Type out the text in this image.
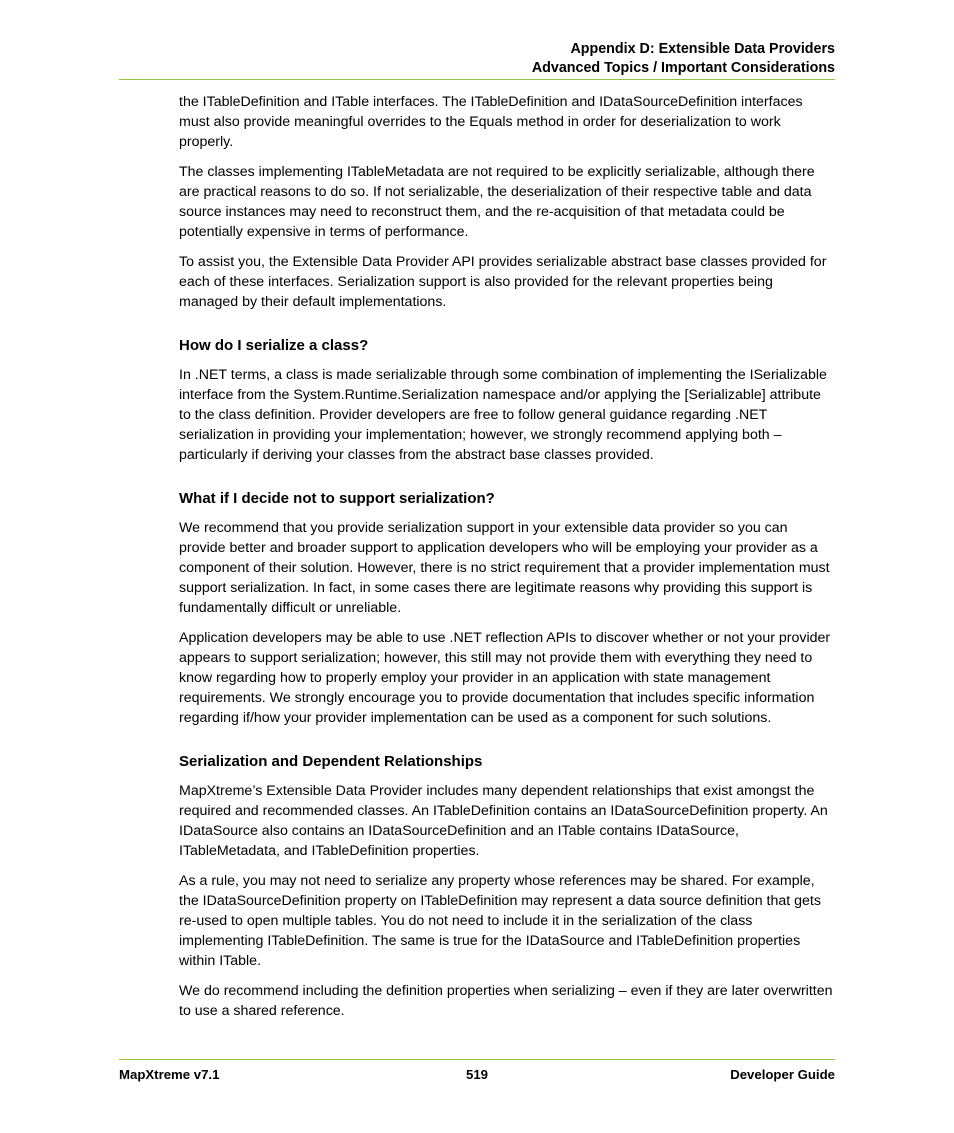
Appendix D: Extensible Data Providers
Advanced Topics / Important Considerations

the ITableDefinition and ITable interfaces. The ITableDefinition and IDataSourceDefinition interfaces must also provide meaningful overrides to the Equals method in order for deserialization to work properly.

The classes implementing ITableMetadata are not required to be explicitly serializable, although there are practical reasons to do so. If not serializable, the deserialization of their respective table and data source instances may need to reconstruct them, and the re-acquisition of that metadata could be potentially expensive in terms of performance.

To assist you, the Extensible Data Provider API provides serializable abstract base classes provided for each of these interfaces. Serialization support is also provided for the relevant properties being managed by their default implementations.

How do I serialize a class?

In .NET terms, a class is made serializable through some combination of implementing the ISerializable interface from the System.Runtime.Serialization namespace and/or applying the [Serializable] attribute to the class definition. Provider developers are free to follow general guidance regarding .NET serialization in providing your implementation; however, we strongly recommend applying both – particularly if deriving your classes from the abstract base classes provided.

What if I decide not to support serialization?

We recommend that you provide serialization support in your extensible data provider so you can provide better and broader support to application developers who will be employing your provider as a component of their solution. However, there is no strict requirement that a provider implementation must support serialization. In fact, in some cases there are legitimate reasons why providing this support is fundamentally difficult or unreliable.

Application developers may be able to use .NET reflection APIs to discover whether or not your provider appears to support serialization; however, this still may not provide them with everything they need to know regarding how to properly employ your provider in an application with state management requirements. We strongly encourage you to provide documentation that includes specific information regarding if/how your provider implementation can be used as a component for such solutions.

Serialization and Dependent Relationships

MapXtreme’s Extensible Data Provider includes many dependent relationships that exist amongst the required and recommended classes. An ITableDefinition contains an IDataSourceDefinition property. An IDataSource also contains an IDataSourceDefinition and an ITable contains IDataSource, ITableMetadata, and ITableDefinition properties.

As a rule, you may not need to serialize any property whose references may be shared. For example, the IDataSourceDefinition property on ITableDefinition may represent a data source definition that gets re-used to open multiple tables. You do not need to include it in the serialization of the class implementing ITableDefinition. The same is true for the IDataSource and ITableDefinition properties within ITable.

We do recommend including the definition properties when serializing – even if they are later overwritten to use a shared reference.

MapXtreme v7.1	519	Developer Guide
